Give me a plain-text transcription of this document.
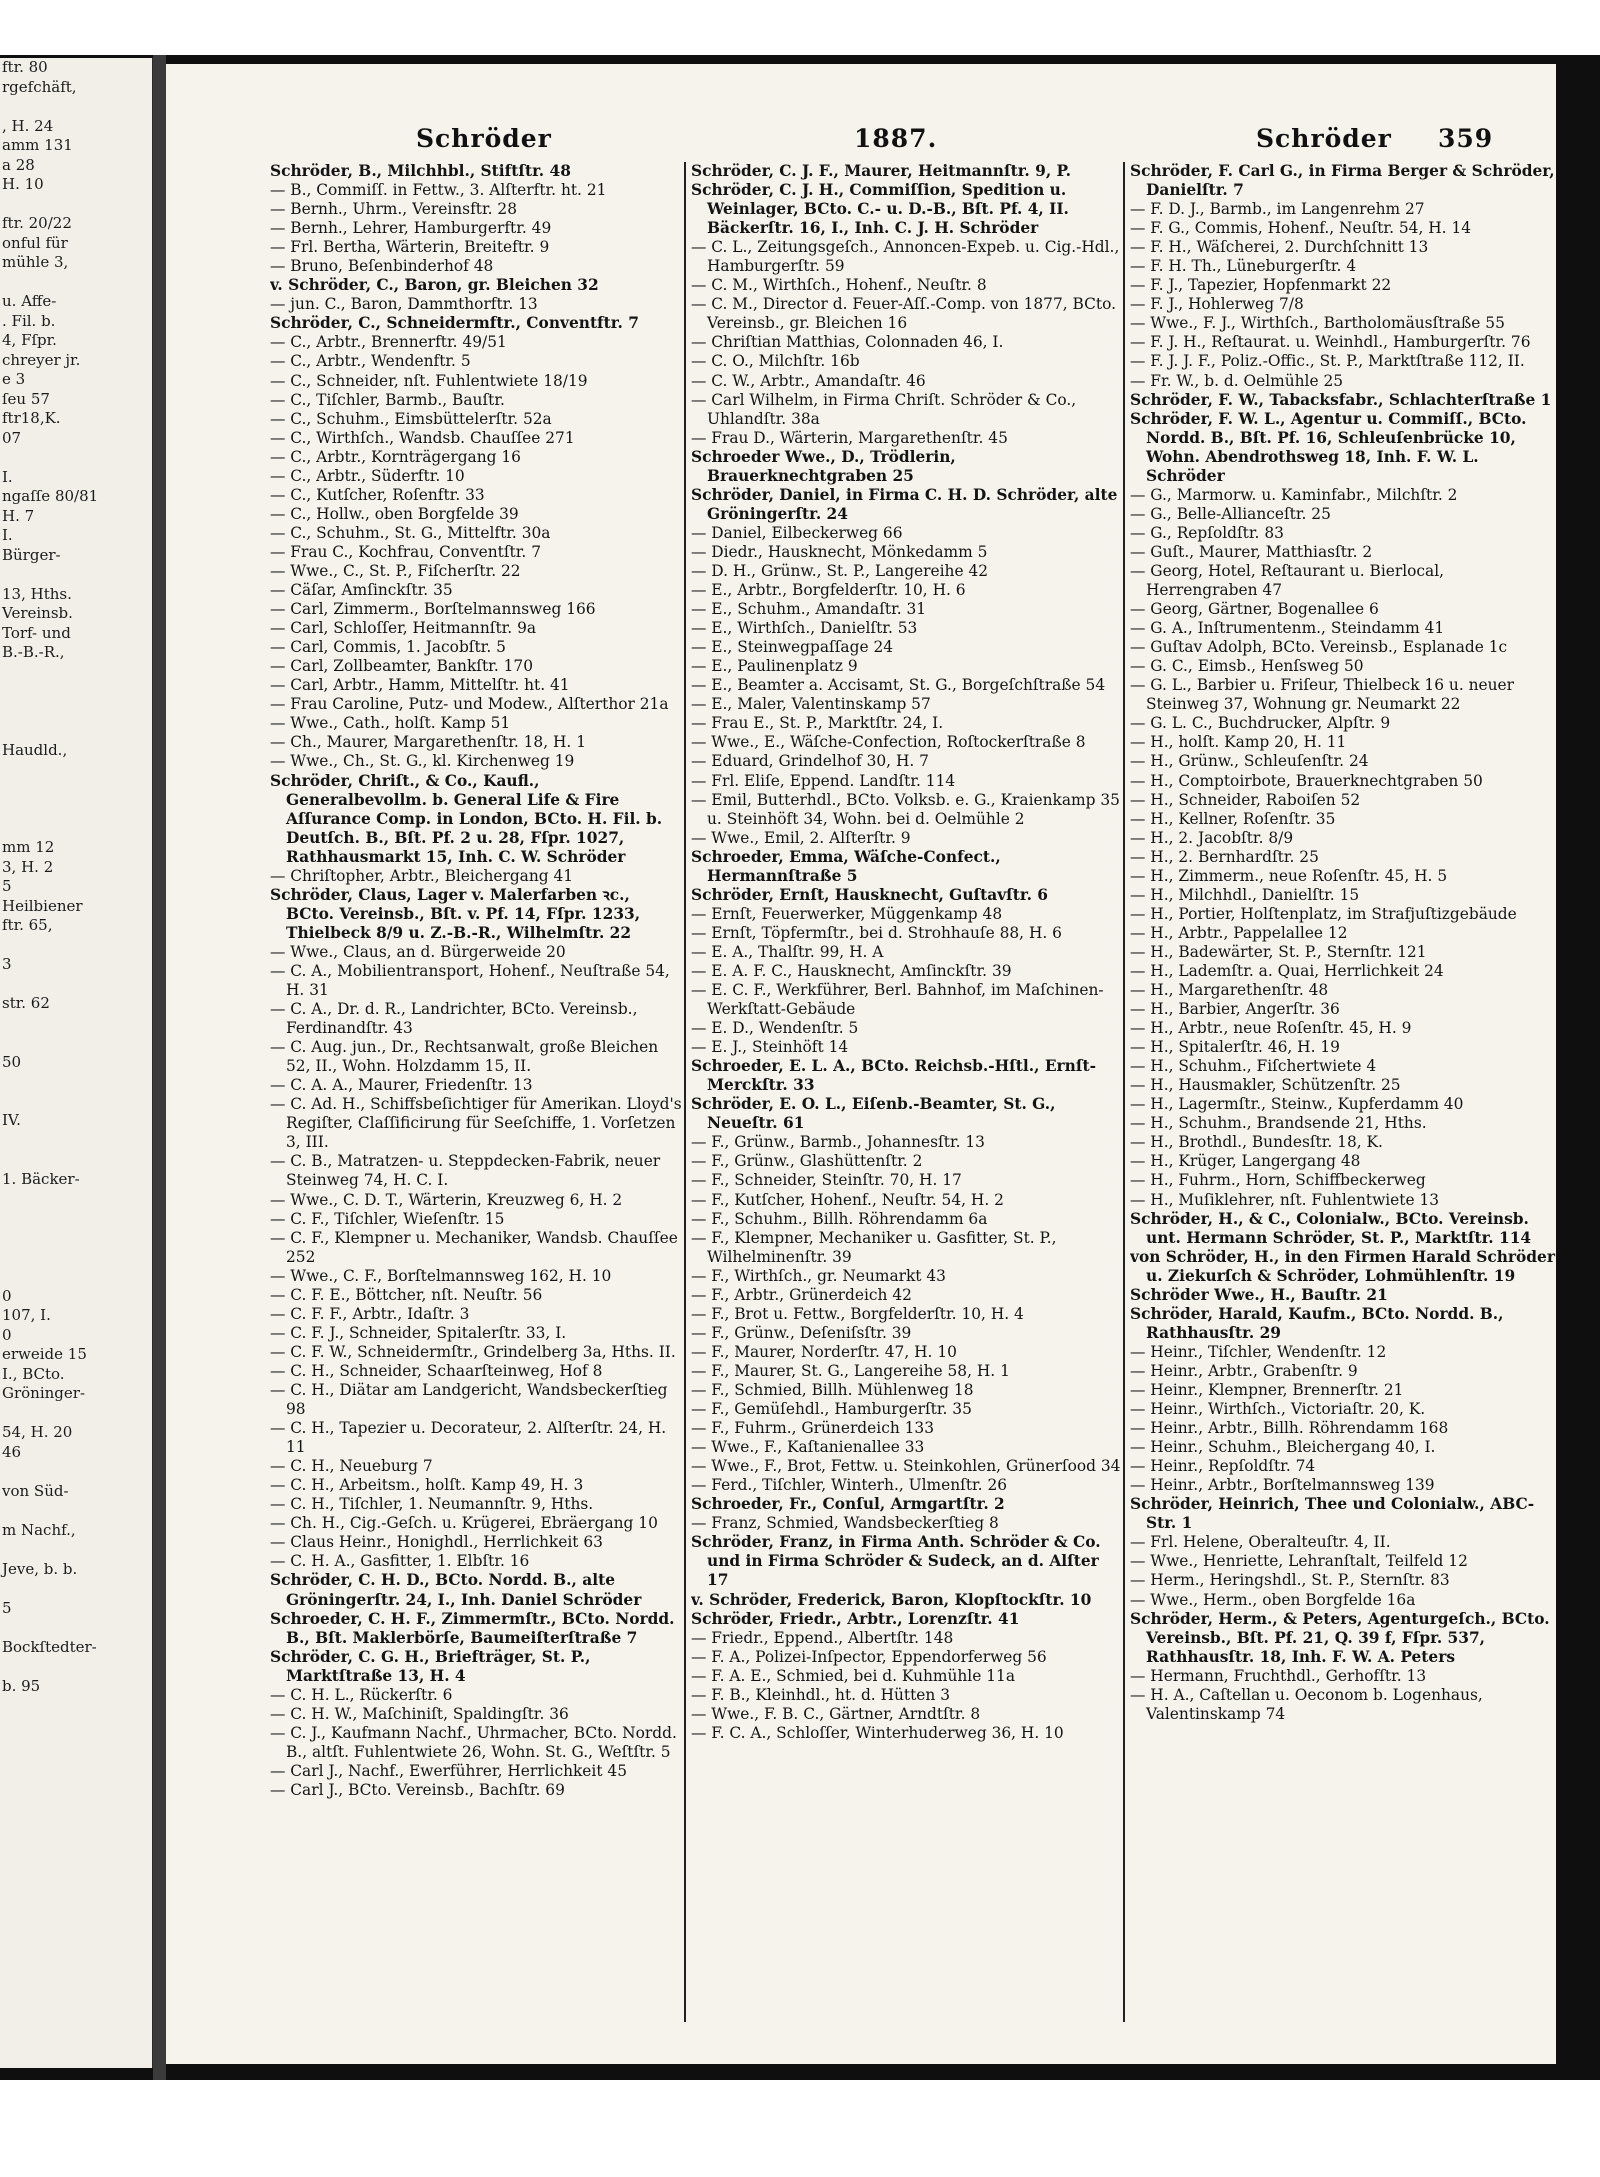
ftr. 80
rgefchäft,
, H. 24
amm 131
a 28
H. 10
ftr. 20/22
onful für
mühle 3,
u. Affe-
. Fil. b.
4, Fſpr.
chreyer jr.
e 3
ſeu 57
ftr18,K.
07
I.
ngaſſe 80/81
H. 7
I.
Bürger-
13, Hths.
Vereinsb.
Torf- und
B.-B.-R.,
Haudld.,
mm 12
3, H. 2
5
Heilbiener
ftr. 65,
3
str. 62
50
IV.
1. Bäcker-
0
107, I.
0
erweide 15
I., BCto.
Gröninger-
54, H. 20
46
von Süd-
m Nachf.,
Jeve, b. b.
5
Bockſtedter-
b. 95
Schröder	1887.	Schröder 359
Schröder, B., Milchhbl., Stiftſtr. 48
— B., Commiſſ. in Fettw., 3. Alſterftr. ht. 21
— Bernh., Uhrm., Vereinsftr. 28
— Bernh., Lehrer, Hamburgerftr. 49
— Frl. Bertha, Wärterin, Breiteftr. 9
— Bruno, Beſenbinderhof 48
v. Schröder, C., Baron, gr. Bleichen 32
— jun. C., Baron, Dammthorftr. 13
Schröder, C., Schneidermftr., Conventftr. 7
— C., Arbtr., Brennerftr. 49/51
— C., Arbtr., Wendenftr. 5
— C., Schneider, nſt. Fuhlentwiete 18/19
— C., Tiſchler, Barmb., Bauſtr.
— C., Schuhm., Eimsbüttelerſtr. 52a
— C., Wirthſch., Wandsb. Chauſſee 271
— C., Arbtr., Kornträgergang 16
— C., Arbtr., Süderftr. 10
— C., Kutſcher, Roſenftr. 33
— C., Hollw., oben Borgfelde 39
— C., Schuhm., St. G., Mittelftr. 30a
— Frau C., Kochfrau, Conventſtr. 7
— Wwe., C., St. P., Fiſcherſtr. 22
— Cäſar, Amſinckſtr. 35
— Carl, Zimmerm., Borſtelmannsweg 166
— Carl, Schloſſer, Heitmannſtr. 9a
— Carl, Commis, 1. Jacobſtr. 5
— Carl, Zollbeamter, Bankſtr. 170
— Carl, Arbtr., Hamm, Mittelſtr. ht. 41
— Frau Caroline, Putz- und Modew., Alſterthor 21a
— Wwe., Cath., holſt. Kamp 51
— Ch., Maurer, Margarethenſtr. 18, H. 1
— Wwe., Ch., St. G., kl. Kirchenweg 19
Schröder, Chriſt., & Co., Kaufl., Generalbevollm. b. General Life & Fire Aſſurance Comp. in London, BCto. H. Fil. b. Deutſch. B., Bſt. Pf. 2 u. 28, Fſpr. 1027, Rathhausmarkt 15, Inh. C. W. Schröder
— Chriſtopher, Arbtr., Bleichergang 41
Schröder, Claus, Lager v. Malerfarben ꝛc., BCto. Vereinsb., Bſt. v. Pf. 14, Fſpr. 1233, Thielbeck 8/9 u. Z.-B.-R., Wilhelmſtr. 22
— Wwe., Claus, an d. Bürgerweide 20
— C. A., Mobilientransport, Hohenf., Neuſtraße 54, H. 31
— C. A., Dr. d. R., Landrichter, BCto. Vereinsb., Ferdinandſtr. 43
— C. Aug. jun., Dr., Rechtsanwalt, große Bleichen 52, II., Wohn. Holzdamm 15, II.
— C. A. A., Maurer, Friedenſtr. 13
— C. Ad. H., Schiffsbeſichtiger für Amerikan. Lloyd's Regiſter, Claſſificirung für Seeſchiffe, 1. Vorſetzen 3, III.
— C. B., Matratzen- u. Steppdecken-Fabrik, neuer Steinweg 74, H. C. I.
— Wwe., C. D. T., Wärterin, Kreuzweg 6, H. 2
— C. F., Tiſchler, Wieſenſtr. 15
— C. F., Klempner u. Mechaniker, Wandsb. Chauſſee 252
— Wwe., C. F., Borſtelmannsweg 162, H. 10
— C. F. E., Böttcher, nſt. Neuſtr. 56
— C. F. F., Arbtr., Idaſtr. 3
— C. F. J., Schneider, Spitalerſtr. 33, I.
— C. F. W., Schneidermſtr., Grindelberg 3a, Hths. II.
— C. H., Schneider, Schaarſteinweg, Hof 8
— C. H., Diätar am Landgericht, Wandsbeckerſtieg 98
— C. H., Tapezier u. Decorateur, 2. Alſterſtr. 24, H. 11
— C. H., Neueburg 7
— C. H., Arbeitsm., holſt. Kamp 49, H. 3
— C. H., Tiſchler, 1. Neumannſtr. 9, Hths.
— Ch. H., Cig.-Geſch. u. Krügerei, Ebräergang 10
— Claus Heinr., Honighdl., Herrlichkeit 63
— C. H. A., Gasfitter, 1. Elbſtr. 16
Schröder, C. H. D., BCto. Nordd. B., alte Gröningerſtr. 24, I., Inh. Daniel Schröder
Schroeder, C. H. F., Zimmermſtr., BCto. Nordd. B., Bſt. Maklerbörſe, Baumeiſterſtraße 7
Schröder, C. G. H., Briefträger, St. P., Marktſtraße 13, H. 4
— C. H. L., Rückerſtr. 6
— C. H. W., Maſchiniſt, Spaldingſtr. 36
— C. J., Kaufmann Nachf., Uhrmacher, BCto. Nordd. B., altſt. Fuhlentwiete 26, Wohn. St. G., Weſtſtr. 5
— Carl J., Nachf., Ewerführer, Herrlichkeit 45
— Carl J., BCto. Vereinsb., Bachſtr. 69
Schröder, C. J. F., Maurer, Heitmannſtr. 9, P.
Schröder, C. J. H., Commiſſion, Spedition u. Weinlager, BCto. C.- u. D.-B., Bſt. Pf. 4, II. Bäckerſtr. 16, I., Inh. C. J. H. Schröder
— C. L., Zeitungsgeſch., Annoncen-Expeb. u. Cig.-Hdl., Hamburgerſtr. 59
— C. M., Wirthſch., Hohenf., Neuſtr. 8
— C. M., Director d. Feuer-Aſſ.-Comp. von 1877, BCto. Vereinsb., gr. Bleichen 16
— Chriſtian Matthias, Colonnaden 46, I.
— C. O., Milchſtr. 16b
— C. W., Arbtr., Amandaſtr. 46
— Carl Wilhelm, in Firma Chriſt. Schröder & Co., Uhlandſtr. 38a
— Frau D., Wärterin, Margarethenſtr. 45
Schroeder Wwe., D., Trödlerin, Brauerknechtgraben 25
Schröder, Daniel, in Firma C. H. D. Schröder, alte Gröningerſtr. 24
— Daniel, Eilbeckerweg 66
— Diedr., Hausknecht, Mönkedamm 5
— D. H., Grünw., St. P., Langereihe 42
— E., Arbtr., Borgfelderſtr. 10, H. 6
— E., Schuhm., Amandaſtr. 31
— E., Wirthſch., Danielſtr. 53
— E., Steinwegpaſſage 24
— E., Paulinenplatz 9
— E., Beamter a. Accisamt, St. G., Borgeſchſtraße 54
— E., Maler, Valentinskamp 57
— Frau E., St. P., Marktſtr. 24, I.
— Wwe., E., Wäſche-Confection, Roſtockerſtraße 8
— Eduard, Grindelhof 30, H. 7
— Frl. Eliſe, Eppend. Landſtr. 114
— Emil, Butterhdl., BCto. Volksb. e. G., Kraienkamp 35 u. Steinhöft 34, Wohn. bei d. Oelmühle 2
— Wwe., Emil, 2. Alſterſtr. 9
Schroeder, Emma, Wäſche-Confect., Hermannſtraße 5
Schröder, Ernſt, Hausknecht, Guſtavſtr. 6
— Ernſt, Feuerwerker, Müggenkamp 48
— Ernſt, Töpfermſtr., bei d. Strohhauſe 88, H. 6
— E. A., Thalſtr. 99, H. A
— E. A. F. C., Hausknecht, Amſinckſtr. 39
— E. C. F., Werkführer, Berl. Bahnhof, im Maſchinen-Werkſtatt-Gebäude
— E. D., Wendenſtr. 5
— E. J., Steinhöft 14
Schroeder, E. L. A., BCto. Reichsb.-Hſtl., Ernſt-Merckſtr. 33
Schröder, E. O. L., Eiſenb.-Beamter, St. G., Neueſtr. 61
— F., Grünw., Barmb., Johannesſtr. 13
— F., Grünw., Glashüttenſtr. 2
— F., Schneider, Steinſtr. 70, H. 17
— F., Kutſcher, Hohenf., Neuſtr. 54, H. 2
— F., Schuhm., Billh. Röhrendamm 6a
— F., Klempner, Mechaniker u. Gasfitter, St. P., Wilhelminenſtr. 39
— F., Wirthſch., gr. Neumarkt 43
— F., Arbtr., Grünerdeich 42
— F., Brot u. Fettw., Borgfelderſtr. 10, H. 4
— F., Grünw., Deſeniſsſtr. 39
— F., Maurer, Norderſtr. 47, H. 10
— F., Maurer, St. G., Langereihe 58, H. 1
— F., Schmied, Billh. Mühlenweg 18
— F., Gemüſehdl., Hamburgerſtr. 35
— F., Fuhrm., Grünerdeich 133
— Wwe., F., Kaſtanienallee 33
— Wwe., F., Brot, Fettw. u. Steinkohlen, Grünerſood 34
— Ferd., Tiſchler, Winterh., Ulmenſtr. 26
Schroeder, Fr., Conſul, Armgartſtr. 2
— Franz, Schmied, Wandsbeckerſtieg 8
Schröder, Franz, in Firma Anth. Schröder & Co. und in Firma Schröder & Sudeck, an d. Alſter 17
v. Schröder, Frederick, Baron, Klopſtockſtr. 10
Schröder, Friedr., Arbtr., Lorenzſtr. 41
— Friedr., Eppend., Albertſtr. 148
— F. A., Polizei-Inſpector, Eppendorferweg 56
— F. A. E., Schmied, bei d. Kuhmühle 11a
— F. B., Kleinhdl., ht. d. Hütten 3
— Wwe., F. B. C., Gärtner, Arndtſtr. 8
— F. C. A., Schloſſer, Winterhuderweg 36, H. 10
Schröder, F. Carl G., in Firma Berger & Schröder, Danielſtr. 7
— F. D. J., Barmb., im Langenrehm 27
— F. G., Commis, Hohenf., Neuſtr. 54, H. 14
— F. H., Wäſcherei, 2. Durchſchnitt 13
— F. H. Th., Lüneburgerſtr. 4
— F. J., Tapezier, Hopfenmarkt 22
— F. J., Hohlerweg 7/8
— Wwe., F. J., Wirthſch., Bartholomäusſtraße 55
— F. J. H., Reſtaurat. u. Weinhdl., Hamburgerſtr. 76
— F. J. J. F., Poliz.-Offic., St. P., Marktſtraße 112, II.
— Fr. W., b. d. Oelmühle 25
Schröder, F. W., Tabacksfabr., Schlachterſtraße 1
Schröder, F. W. L., Agentur u. Commiſſ., BCto. Nordd. B., Bſt. Pf. 16, Schleuſenbrücke 10, Wohn. Abendrothsweg 18, Inh. F. W. L. Schröder
— G., Marmorw. u. Kaminfabr., Milchſtr. 2
— G., Belle-Allianceſtr. 25
— G., Repſoldſtr. 83
— Guſt., Maurer, Matthiasſtr. 2
— Georg, Hotel, Reſtaurant u. Bierlocal, Herrengraben 47
— Georg, Gärtner, Bogenallee 6
— G. A., Inſtrumentenm., Steindamm 41
— Guſtav Adolph, BCto. Vereinsb., Esplanade 1c
— G. C., Eimsb., Henſsweg 50
— G. L., Barbier u. Friſeur, Thielbeck 16 u. neuer Steinweg 37, Wohnung gr. Neumarkt 22
— G. L. C., Buchdrucker, Alpſtr. 9
— H., holſt. Kamp 20, H. 11
— H., Grünw., Schleuſenſtr. 24
— H., Comptoirbote, Brauerknechtgraben 50
— H., Schneider, Raboiſen 52
— H., Kellner, Roſenſtr. 35
— H., 2. Jacobſtr. 8/9
— H., 2. Bernhardſtr. 25
— H., Zimmerm., neue Roſenſtr. 45, H. 5
— H., Milchhdl., Danielſtr. 15
— H., Portier, Holſtenplatz, im Strafjuſtizgebäude
— H., Arbtr., Pappelallee 12
— H., Badewärter, St. P., Sternſtr. 121
— H., Lademſtr. a. Quai, Herrlichkeit 24
— H., Margarethenſtr. 48
— H., Barbier, Angerſtr. 36
— H., Arbtr., neue Roſenſtr. 45, H. 9
— H., Spitalerſtr. 46, H. 19
— H., Schuhm., Fiſchertwiete 4
— H., Hausmakler, Schützenſtr. 25
— H., Lagermſtr., Steinw., Kupferdamm 40
— H., Schuhm., Brandsende 21, Hths.
— H., Brothdl., Bundesſtr. 18, K.
— H., Krüger, Langergang 48
— H., Fuhrm., Horn, Schiffbeckerweg
— H., Muſiklehrer, nſt. Fuhlentwiete 13
Schröder, H., & C., Colonialw., BCto. Vereinsb. unt. Hermann Schröder, St. P., Marktſtr. 114
von Schröder, H., in den Firmen Harald Schröder u. Ziekurſch & Schröder, Lohmühlenſtr. 19
Schröder Wwe., H., Bauſtr. 21
Schröder, Harald, Kaufm., BCto. Nordd. B., Rathhausſtr. 29
— Heinr., Tiſchler, Wendenſtr. 12
— Heinr., Arbtr., Grabenſtr. 9
— Heinr., Klempner, Brennerſtr. 21
— Heinr., Wirthſch., Victoriaſtr. 20, K.
— Heinr., Arbtr., Billh. Röhrendamm 168
— Heinr., Schuhm., Bleichergang 40, I.
— Heinr., Repſoldſtr. 74
— Heinr., Arbtr., Borſtelmannsweg 139
Schröder, Heinrich, Thee und Colonialw., ABC-Str. 1
— Frl. Helene, Oberalteuſtr. 4, II.
— Wwe., Henriette, Lehranſtalt, Teilfeld 12
— Herm., Heringshdl., St. P., Sternſtr. 83
— Wwe., Herm., oben Borgfelde 16a
Schröder, Herm., & Peters, Agenturgeſch., BCto. Vereinsb., Bſt. Pf. 21, Q. 39 f, Fſpr. 537, Rathhausſtr. 18, Inh. F. W. A. Peters
— Hermann, Fruchthdl., Gerhofſtr. 13
— H. A., Caſtellan u. Oeconom b. Logenhaus, Valentinskamp 74
